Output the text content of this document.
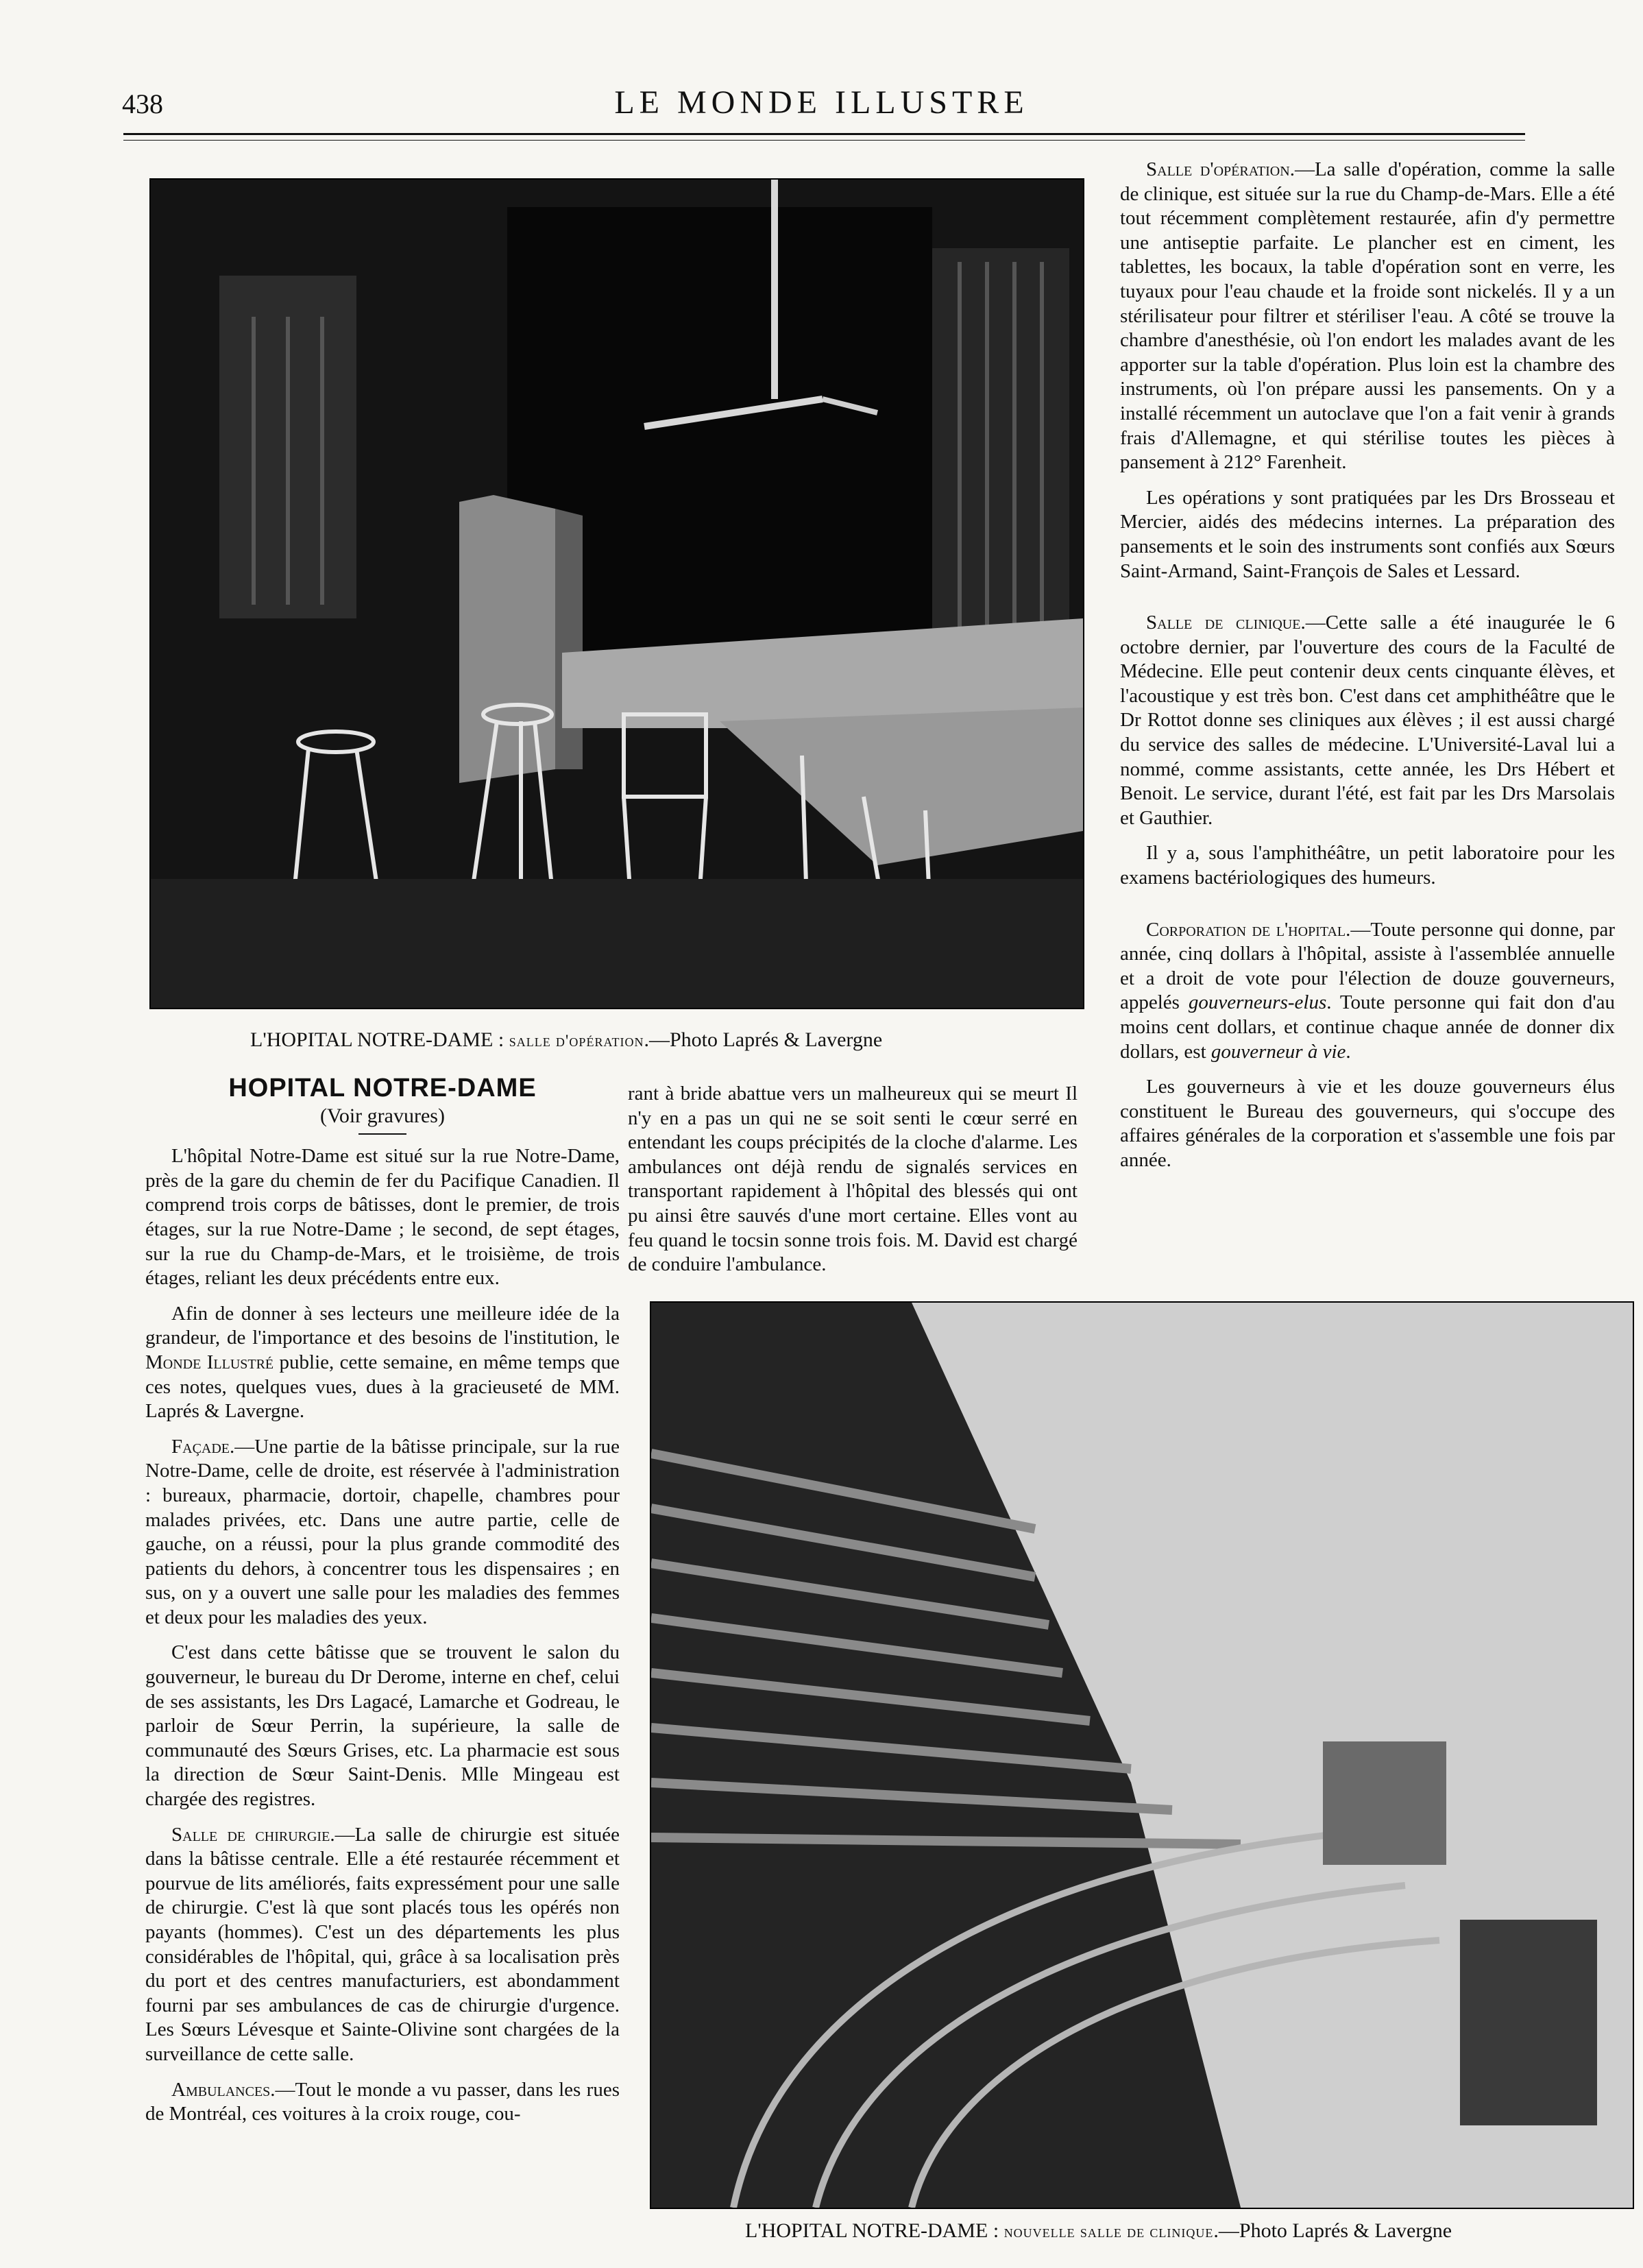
438	LE MONDE ILLUSTRE
L'HOPITAL NOTRE-DAME : salle d'opération.—Photo Laprés & Lavergne
HOPITAL NOTRE-DAME
(Voir gravures)

L'hôpital Notre-Dame est situé sur la rue Notre-Dame, près de la gare du chemin de fer du Pacifique Canadien. Il comprend trois corps de bâtisses, dont le premier, de trois étages, sur la rue Notre-Dame ; le second, de sept étages, sur la rue du Champ-de-Mars, et le troisième, de trois étages, reliant les deux précédents entre eux.

Afin de donner à ses lecteurs une meilleure idée de la grandeur, de l'importance et des besoins de l'institution, le Monde Illustré publie, cette semaine, en même temps que ces notes, quelques vues, dues à la gracieuseté de MM. Laprés & Lavergne.

Façade.—Une partie de la bâtisse principale, sur la rue Notre-Dame, celle de droite, est réservée à l'administration : bureaux, pharmacie, dortoir, chapelle, chambres pour malades privées, etc. Dans une autre partie, celle de gauche, on a réussi, pour la plus grande commodité des patients du dehors, à concentrer tous les dispensaires ; en sus, on y a ouvert une salle pour les maladies des femmes et deux pour les maladies des yeux.

C'est dans cette bâtisse que se trouvent le salon du gouverneur, le bureau du Dr Derome, interne en chef, celui de ses assistants, les Drs Lagacé, Lamarche et Godreau, le parloir de Sœur Perrin, la supérieure, la salle de communauté des Sœurs Grises, etc. La pharmacie est sous la direction de Sœur Saint-Denis. Mlle Mingeau est chargée des registres.

Salle de chirurgie.—La salle de chirurgie est située dans la bâtisse centrale. Elle a été restaurée récemment et pourvue de lits améliorés, faits expressément pour une salle de chirurgie. C'est là que sont placés tous les opérés non payants (hommes). C'est un des départements les plus considérables de l'hôpital, qui, grâce à sa localisation près du port et des centres manufacturiers, est abondamment fourni par ses ambulances de cas de chirurgie d'urgence. Les Sœurs Lévesque et Sainte-Olivine sont chargées de la surveillance de cette salle.

Ambulances.—Tout le monde a vu passer, dans les rues de Montréal, ces voitures à la croix rouge, cou-

rant à bride abattue vers un malheureux qui se meurt Il n'y en a pas un qui ne se soit senti le cœur serré en entendant les coups précipités de la cloche d'alarme. Les ambulances ont déjà rendu de signalés services en transportant rapidement à l'hôpital des blessés qui ont pu ainsi être sauvés d'une mort certaine. Elles vont au feu quand le tocsin sonne trois fois. M. David est chargé de conduire l'ambulance.

Salle d'opération.—La salle d'opération, comme la salle de clinique, est située sur la rue du Champ-de-Mars. Elle a été tout récemment complètement restaurée, afin d'y permettre une antiseptie parfaite. Le plancher est en ciment, les tablettes, les bocaux, la table d'opération sont en verre, les tuyaux pour l'eau chaude et la froide sont nickelés. Il y a un stérilisateur pour filtrer et stériliser l'eau. A côté se trouve la chambre d'anesthésie, où l'on endort les malades avant de les apporter sur la table d'opération. Plus loin est la chambre des instruments, où l'on prépare aussi les pansements. On y a installé récemment un autoclave que l'on a fait venir à grands frais d'Allemagne, et qui stérilise toutes les pièces à pansement à 212° Farenheit.

Les opérations y sont pratiquées par les Drs Brosseau et Mercier, aidés des médecins internes. La préparation des pansements et le soin des instruments sont confiés aux Sœurs Saint-Armand, Saint-François de Sales et Lessard.

Salle de clinique.—Cette salle a été inaugurée le 6 octobre dernier, par l'ouverture des cours de la Faculté de Médecine. Elle peut contenir deux cents cinquante élèves, et l'acoustique y est très bon. C'est dans cet amphithéâtre que le Dr Rottot donne ses cliniques aux élèves ; il est aussi chargé du service des salles de médecine. L'Université-Laval lui a nommé, comme assistants, cette année, les Drs Hébert et Benoit. Le service, durant l'été, est fait par les Drs Marsolais et Gauthier.

Il y a, sous l'amphithéâtre, un petit laboratoire pour les examens bactériologiques des humeurs.

Corporation de l'hopital.—Toute personne qui donne, par année, cinq dollars à l'hôpital, assiste à l'assemblée annuelle et a droit de vote pour l'élection de douze gouverneurs, appelés gouverneurs-elus. Toute personne qui fait don d'au moins cent dollars, et continue chaque année de donner dix dollars, est gouverneur à vie.

Les gouverneurs à vie et les douze gouverneurs élus constituent le Bureau des gouverneurs, qui s'occupe des affaires générales de la corporation et s'assemble une fois par année.

L'HOPITAL NOTRE-DAME : nouvelle salle de clinique.—Photo Laprés & Lavergne
